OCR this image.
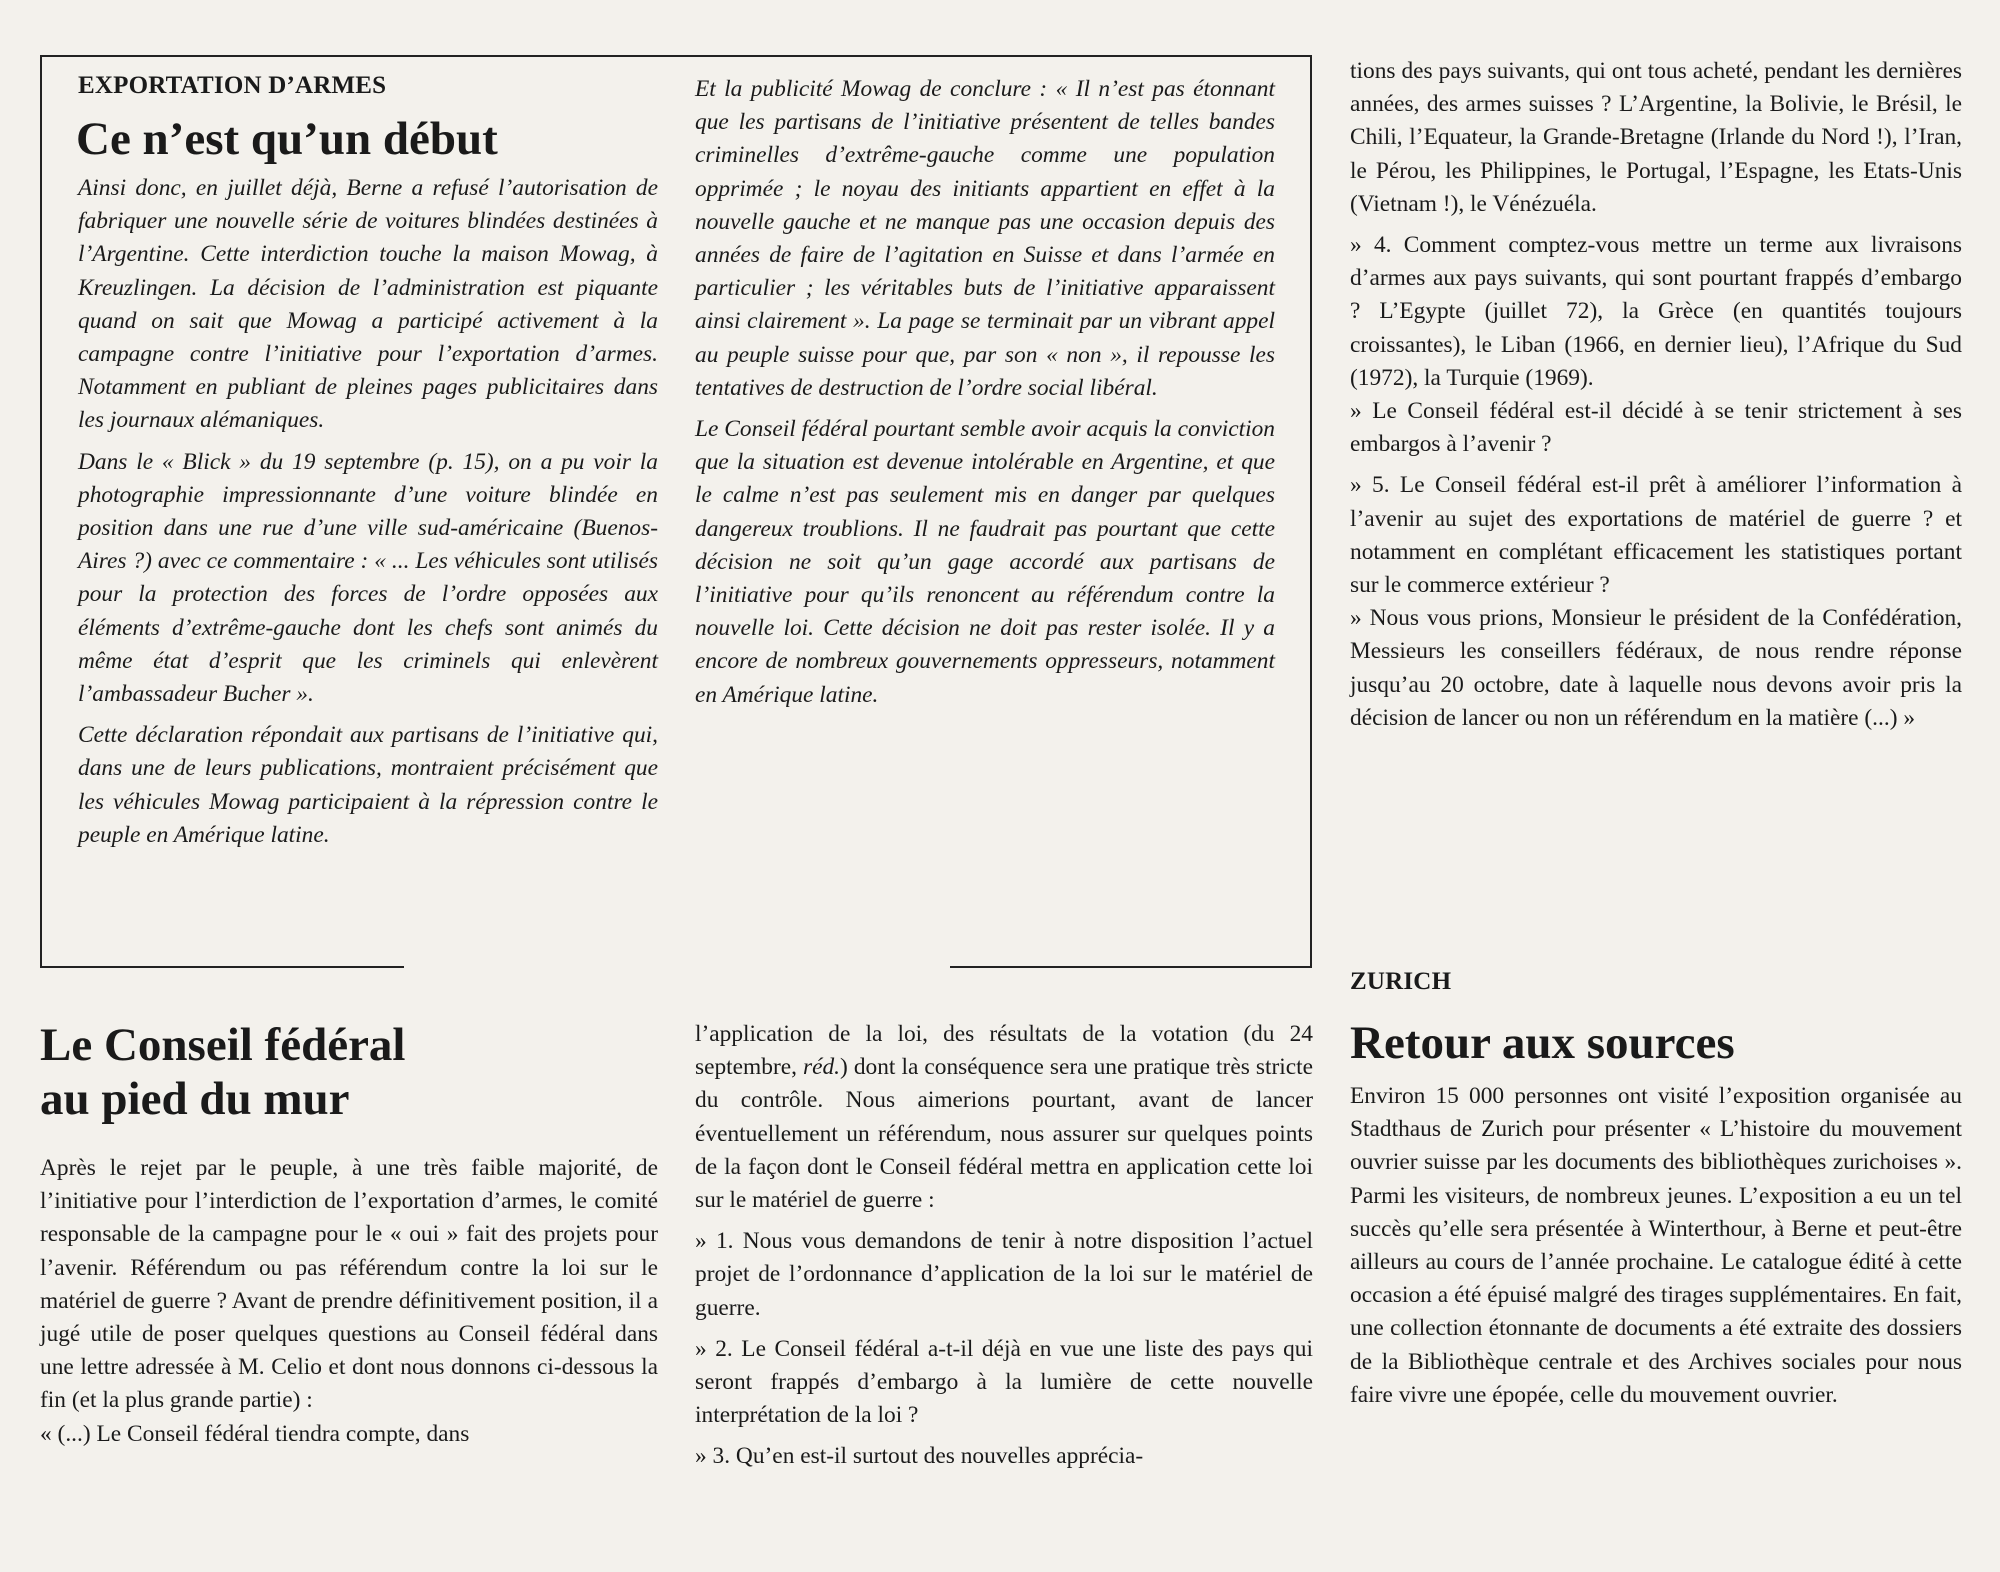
EXPORTATION D’ARMES
Ce n’est qu’un début

Ainsi donc, en juillet déjà, Berne a refusé l’autorisation de fabriquer une nouvelle série de voitures blindées destinées à l’Argentine. Cette interdiction touche la maison Mowag, à Kreuzlingen. La décision de l’administration est piquante quand on sait que Mowag a participé activement à la campagne contre l’initiative pour l’exportation d’armes. Notamment en publiant de pleines pages publicitaires dans les journaux alémaniques.

Dans le « Blick » du 19 septembre (p. 15), on a pu voir la photographie impressionnante d’une voiture blindée en position dans une rue d’une ville sud-américaine (Buenos-Aires ?) avec ce commentaire : « ... Les véhicules sont utilisés pour la protection des forces de l’ordre opposées aux éléments d’extrême-gauche dont les chefs sont animés du même état d’esprit que les criminels qui enlevèrent l’ambassadeur Bucher ».

Cette déclaration répondait aux partisans de l’initiative qui, dans une de leurs publications, montraient précisément que les véhicules Mowag participaient à la répression contre le peuple en Amérique latine.

Et la publicité Mowag de conclure : « Il n’est pas étonnant que les partisans de l’initiative présentent de telles bandes criminelles d’extrême-gauche comme une population opprimée ; le noyau des initiants appartient en effet à la nouvelle gauche et ne manque pas une occasion depuis des années de faire de l’agitation en Suisse et dans l’armée en particulier ; les véritables buts de l’initiative apparaissent ainsi clairement ». La page se terminait par un vibrant appel au peuple suisse pour que, par son « non », il repousse les tentatives de destruction de l’ordre social libéral.

Le Conseil fédéral pourtant semble avoir acquis la conviction que la situation est devenue intolérable en Argentine, et que le calme n’est pas seulement mis en danger par quelques dangereux troublions. Il ne faudrait pas pourtant que cette décision ne soit qu’un gage accordé aux partisans de l’initiative pour qu’ils renoncent au référendum contre la nouvelle loi. Cette décision ne doit pas rester isolée. Il y a encore de nombreux gouvernements oppresseurs, notamment en Amérique latine.

tions des pays suivants, qui ont tous acheté, pendant les dernières années, des armes suisses ? L’Argentine, la Bolivie, le Brésil, le Chili, l’Equateur, la Grande-Bretagne (Irlande du Nord !), l’Iran, le Pérou, les Philippines, le Portugal, l’Espagne, les Etats-Unis (Vietnam !), le Vénézuéla.

» 4. Comment comptez-vous mettre un terme aux livraisons d’armes aux pays suivants, qui sont pourtant frappés d’embargo ? L’Egypte (juillet 72), la Grèce (en quantités toujours croissantes), le Liban (1966, en dernier lieu), l’Afrique du Sud (1972), la Turquie (1969).

» Le Conseil fédéral est-il décidé à se tenir strictement à ses embargos à l’avenir ?

» 5. Le Conseil fédéral est-il prêt à améliorer l’information à l’avenir au sujet des exportations de matériel de guerre ? et notamment en complétant efficacement les statistiques portant sur le commerce extérieur ?

» Nous vous prions, Monsieur le président de la Confédération, Messieurs les conseillers fédéraux, de nous rendre réponse jusqu’au 20 octobre, date à laquelle nous devons avoir pris la décision de lancer ou non un référendum en la matière (...) »

Le Conseil fédéral
au pied du mur

Après le rejet par le peuple, à une très faible majorité, de l’initiative pour l’interdiction de l’exportation d’armes, le comité responsable de la campagne pour le « oui » fait des projets pour l’avenir. Référendum ou pas référendum contre la loi sur le matériel de guerre ? Avant de prendre définitivement position, il a jugé utile de poser quelques questions au Conseil fédéral dans une lettre adressée à M. Celio et dont nous donnons ci-dessous la fin (et la plus grande partie) :

« (...) Le Conseil fédéral tiendra compte, dans

l’application de la loi, des résultats de la votation (du 24 septembre, réd.) dont la conséquence sera une pratique très stricte du contrôle. Nous aimerions pourtant, avant de lancer éventuellement un référendum, nous assurer sur quelques points de la façon dont le Conseil fédéral mettra en application cette loi sur le matériel de guerre :

» 1. Nous vous demandons de tenir à notre disposition l’actuel projet de l’ordonnance d’application de la loi sur le matériel de guerre.

» 2. Le Conseil fédéral a-t-il déjà en vue une liste des pays qui seront frappés d’embargo à la lumière de cette nouvelle interprétation de la loi ?

» 3. Qu’en est-il surtout des nouvelles apprécia-

ZURICH
Retour aux sources

Environ 15 000 personnes ont visité l’exposition organisée au Stadthaus de Zurich pour présenter « L’histoire du mouvement ouvrier suisse par les documents des bibliothèques zurichoises ». Parmi les visiteurs, de nombreux jeunes. L’exposition a eu un tel succès qu’elle sera présentée à Winterthour, à Berne et peut-être ailleurs au cours de l’année prochaine. Le catalogue édité à cette occasion a été épuisé malgré des tirages supplémentaires. En fait, une collection étonnante de documents a été extraite des dossiers de la Bibliothèque centrale et des Archives sociales pour nous faire vivre une épopée, celle du mouvement ouvrier.
